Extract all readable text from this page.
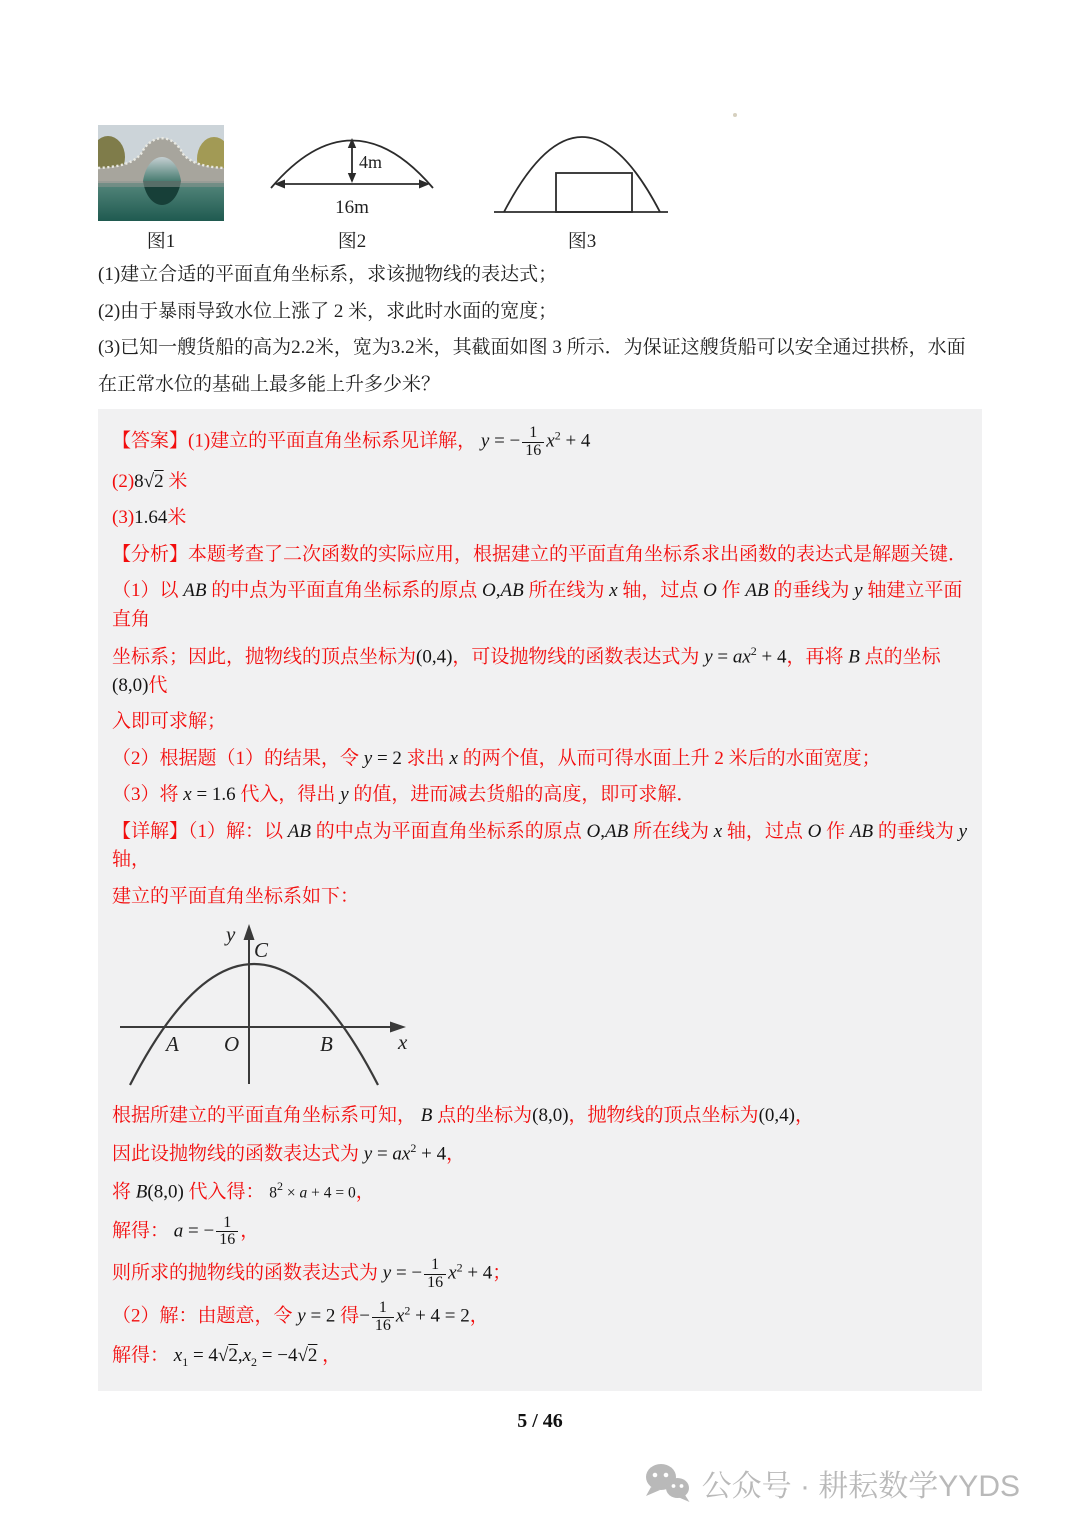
图1
4m
16m
图2	图3
(1)建立合适的平面直角坐标系，求该抛物线的表达式；
(2)由于暴雨导致水位上涨了 2 米，求此时水面的宽度；
(3)已知一艘货船的高为2.2米，宽为3.2米，其截面如图 3 所示．为保证这艘货船可以安全通过拱桥，水面
在正常水位的基础上最多能上升多少米？
【答案】(1)建立的平面直角坐标系见详解， y = − $\frac{1}{16} x^2 + 4$
(2)8√2 米
(3)1.64米
【分析】本题考查了二次函数的实际应用，根据建立的平面直角坐标系求出函数的表达式是解题关键．
（1）以 AB 的中点为平面直角坐标系的原点 O,AB 所在线为 x 轴，过点 O 作 AB 的垂线为 y 轴建立平面直角
坐标系；因此，抛物线的顶点坐标为(0,4)，可设抛物线的函数表达式为 $y = ax^2 + 4$，再将 B 点的坐标(8,0)代
入即可求解；
（2）根据题（1）的结果，令 y = 2 求出 x 的两个值，从而可得水面上升 2 米后的水面宽度；
（3）将 x = 1.6 代入，得出 y 的值，进而减去货船的高度，即可求解．
【详解】（1）解：以 AB 的中点为平面直角坐标系的原点 O,AB 所在线为 x 轴，过点 O 作 AB 的垂线为 y 轴，
建立的平面直角坐标系如下：
y
C
A O	B	x
根据所建立的平面直角坐标系可知， B 点的坐标为(8,0)，抛物线的顶点坐标为(0,4)，
因此设抛物线的函数表达式为 $y = ax^2 + 4$，
将 B(8,0) 代入得： $8^2 \times a + 4 = 0$，
解得： a = − $\frac{1}{16}$ ，
则所求的抛物线的函数表达式为 y = − $\frac{1}{16} x^2 + 4$；
（2）解：由题意，令 y = 2 得− $\frac{1}{16} x^2 + 4 = 2$，
解得： $x_1 = 4√2,x_2 = -4√2$ ，
5 / 46
公众号 · 耕耘数学YYDS
